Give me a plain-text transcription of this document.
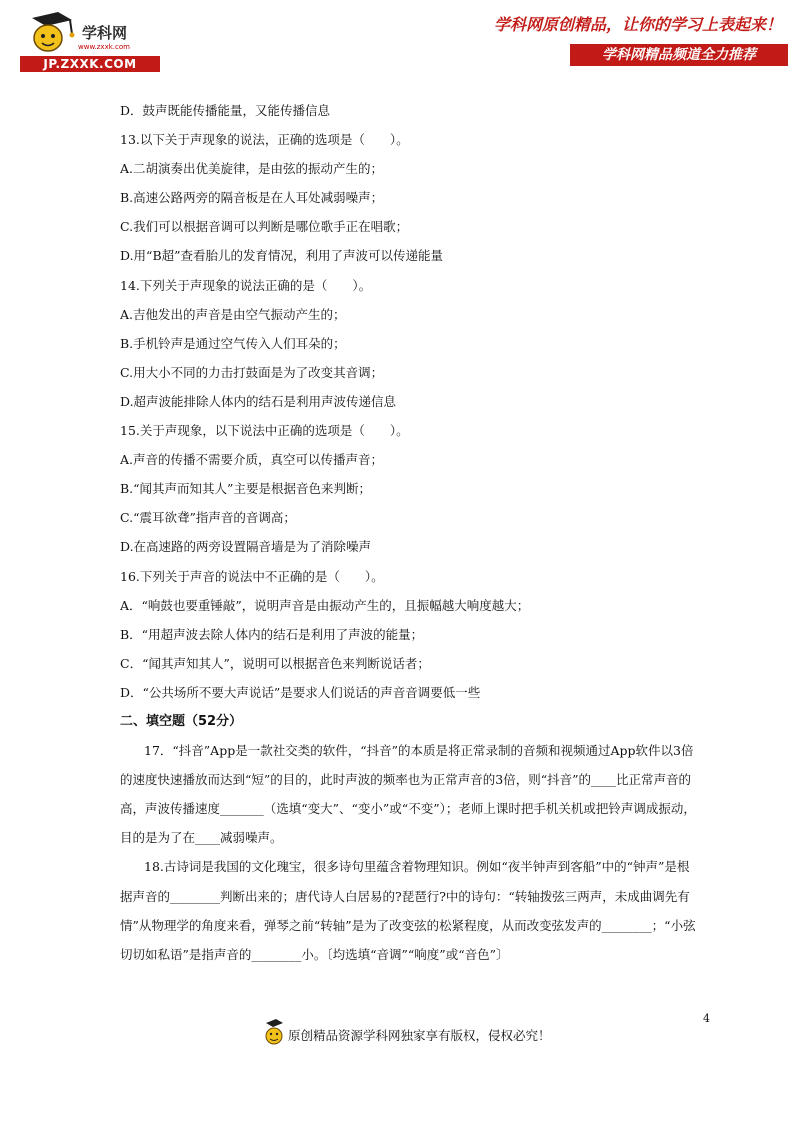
学科网
www.zxxk.com
JP.ZXXK.COM
学科网原创精品，让你的学习上表起来！
学科网精品频道全力推荐
D．鼓声既能传播能量，又能传播信息
13.以下关于声现象的说法，正确的选项是（　　）。
A.二胡演奏出优美旋律，是由弦的振动产生的；
B.高速公路两旁的隔音板是在人耳处减弱噪声；
C.我们可以根据音调可以判断是哪位歌手正在唱歌；
D.用“B超”查看胎儿的发育情况，利用了声波可以传递能量
14.下列关于声现象的说法正确的是（　　）。
A.吉他发出的声音是由空气振动产生的；
B.手机铃声是通过空气传入人们耳朵的；
C.用大小不同的力击打鼓面是为了改变其音调；
D.超声波能排除人体内的结石是利用声波传递信息
15.关于声现象，以下说法中正确的选项是（　　）。
A.声音的传播不需要介质，真空可以传播声音；
B.“闻其声而知其人”主要是根据音色来判断；
C.“震耳欲聋”指声音的音调高；
D.在高速路的两旁设置隔音墙是为了消除噪声
16.下列关于声音的说法中不正确的是（　　）。
A．“响鼓也要重锤敲”，说明声音是由振动产生的，且振幅越大响度越大；
B．“用超声波去除人体内的结石是利用了声波的能量；
C．“闻其声知其人”，说明可以根据音色来判断说话者；
D．“公共场所不要大声说话”是要求人们说话的声音音调要低一些
二、填空题（52分）

17．“抖音”App是一款社交类的软件，“抖音”的本质是将正常录制的音频和视频通过App软件以3倍的速度快速播放而达到“短”的目的，此时声波的频率也为正常声音的3倍，则“抖音”的____比正常声音的高，声波传播速度_______（选填“变大”、“变小”或“不变”）；老师上课时把手机关机或把铃声调成振动，目的是为了在____减弱噪声。

18.古诗词是我国的文化瑰宝，很多诗句里蕴含着物理知识。例如“夜半钟声到客船”中的“钟声”是根据声音的________判断出来的；唐代诗人白居易的?琵琶行?中的诗句：“转轴拨弦三两声，未成曲调先有情”从物理学的角度来看，弹琴之前“转轴”是为了改变弦的松紧程度，从而改变弦发声的________；“小弦切切如私语”是指声音的________小。〔均选填“音调”“响度”或“音色”〕

4
原创精品资源学科网独家享有版权，侵权必究！
